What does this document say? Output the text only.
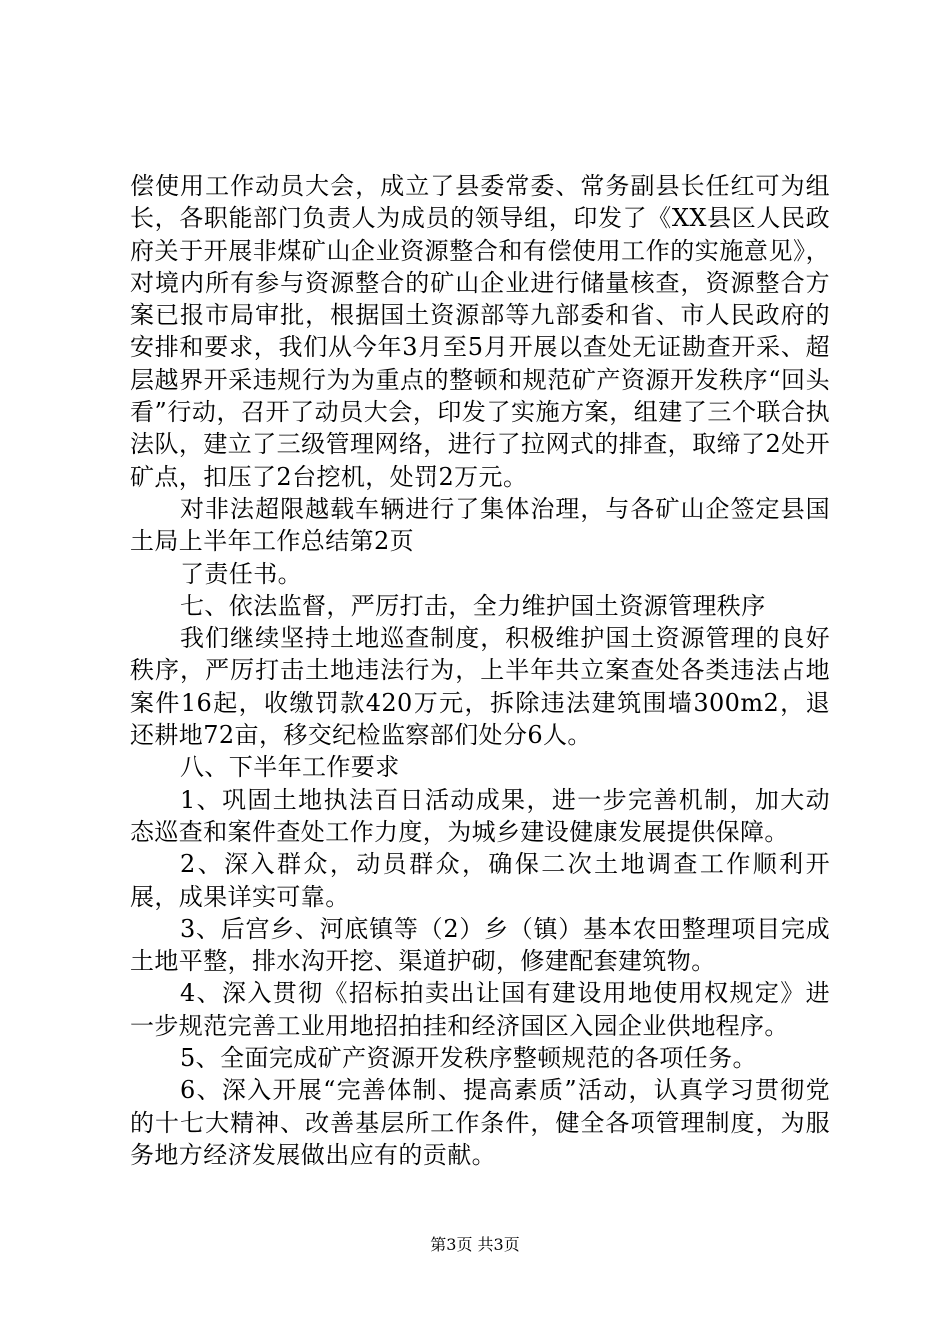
偿使用工作动员大会，成立了县委常委、常务副县长任红可为组长，各职能部门负责人为成员的领导组，印发了《XX县区人民政府关于开展非煤矿山企业资源整合和有偿使用工作的实施意见》，对境内所有参与资源整合的矿山企业进行储量核查，资源整合方案已报市局审批，根据国土资源部等九部委和省、市人民政府的安排和要求，我们从今年3月至5月开展以查处无证勘查开采、超层越界开采违规行为为重点的整顿和规范矿产资源开发秩序“回头看”行动，召开了动员大会，印发了实施方案，组建了三个联合执法队，建立了三级管理网络，进行了拉网式的排查，取缔了2处开矿点，扣压了2台挖机，处罚2万元。

对非法超限越载车辆进行了集体治理，与各矿山企签定县国土局上半年工作总结第2页

了责任书。

七、依法监督，严厉打击，全力维护国土资源管理秩序

我们继续坚持土地巡查制度，积极维护国土资源管理的良好秩序，严厉打击土地违法行为，上半年共立案查处各类违法占地案件16起，收缴罚款420万元，拆除违法建筑围墙300m2，退还耕地72亩，移交纪检监察部们处分6人。

八、下半年工作要求

1、巩固土地执法百日活动成果，进一步完善机制，加大动态巡查和案件查处工作力度，为城乡建设健康发展提供保障。

2、深入群众，动员群众，确保二次土地调查工作顺利开展，成果详实可靠。

3、后宫乡、河底镇等（2）乡（镇）基本农田整理项目完成土地平整，排水沟开挖、渠道护砌，修建配套建筑物。

4、深入贯彻《招标拍卖出让国有建设用地使用权规定》进一步规范完善工业用地招拍挂和经济国区入园企业供地程序。

5、全面完成矿产资源开发秩序整顿规范的各项任务。

6、深入开展“完善体制、提高素质”活动，认真学习贯彻党的十七大精神、改善基层所工作条件，健全各项管理制度，为服务地方经济发展做出应有的贡献。

第3页 共3页
